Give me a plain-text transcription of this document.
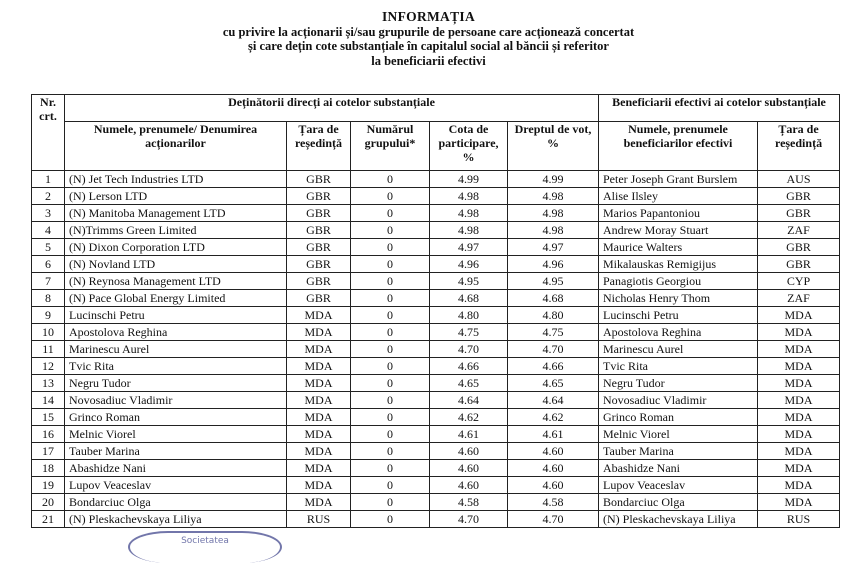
INFORMAȚIA
cu privire la acționarii și/sau grupurile de persoane care acționează concertat
și care dețin cote substanțiale în capitalul social al băncii și referitor
la beneficiarii efectivi
Nr. crt.	Deținătorii direcți ai cotelor substanțiale					Beneficiarii efectivi ai cotelor substanțiale	
	Numele, prenumele/ Denumirea acționarilor	Țara de reședință	Numărul grupului*	Cota de participare, %	Dreptul de vot, %	Numele, prenumele beneficiarilor efectivi	Țara de reședință
1	(N) Jet Tech Industries LTD	GBR	0	4.99	4.99	Peter Joseph Grant Burslem	AUS
2	(N) Lerson LTD	GBR	0	4.98	4.98	Alise Ilsley	GBR
3	(N) Manitoba Management LTD	GBR	0	4.98	4.98	Marios Papantoniou	GBR
4	(N)Trimms Green Limited	GBR	0	4.98	4.98	Andrew Moray Stuart	ZAF
5	(N) Dixon Corporation LTD	GBR	0	4.97	4.97	Maurice Walters	GBR
6	(N) Novland LTD	GBR	0	4.96	4.96	Mikalauskas Remigijus	GBR
7	(N) Reynosa Management LTD	GBR	0	4.95	4.95	Panagiotis Georgiou	CYP
8	(N) Pace Global Energy Limited	GBR	0	4.68	4.68	Nicholas Henry Thom	ZAF
9	Lucinschi Petru	MDA	0	4.80	4.80	Lucinschi Petru	MDA
10	Apostolova Reghina	MDA	0	4.75	4.75	Apostolova Reghina	MDA
11	Marinescu Aurel	MDA	0	4.70	4.70	Marinescu Aurel	MDA
12	Tvic Rita	MDA	0	4.66	4.66	Tvic Rita	MDA
13	Negru Tudor	MDA	0	4.65	4.65	Negru Tudor	MDA
14	Novosadiuc Vladimir	MDA	0	4.64	4.64	Novosadiuc Vladimir	MDA
15	Grinco Roman	MDA	0	4.62	4.62	Grinco Roman	MDA
16	Melnic Viorel	MDA	0	4.61	4.61	Melnic Viorel	MDA
17	Tauber Marina	MDA	0	4.60	4.60	Tauber Marina	MDA
18	Abashidze Nani	MDA	0	4.60	4.60	Abashidze Nani	MDA
19	Lupov Veaceslav	MDA	0	4.60	4.60	Lupov Veaceslav	MDA
20	Bondarciuc Olga	MDA	0	4.58	4.58	Bondarciuc Olga	MDA
21	(N) Pleskachevskaya Liliya	RUS	0	4.70	4.70	(N) Pleskachevskaya Liliya	RUS
Societatea
